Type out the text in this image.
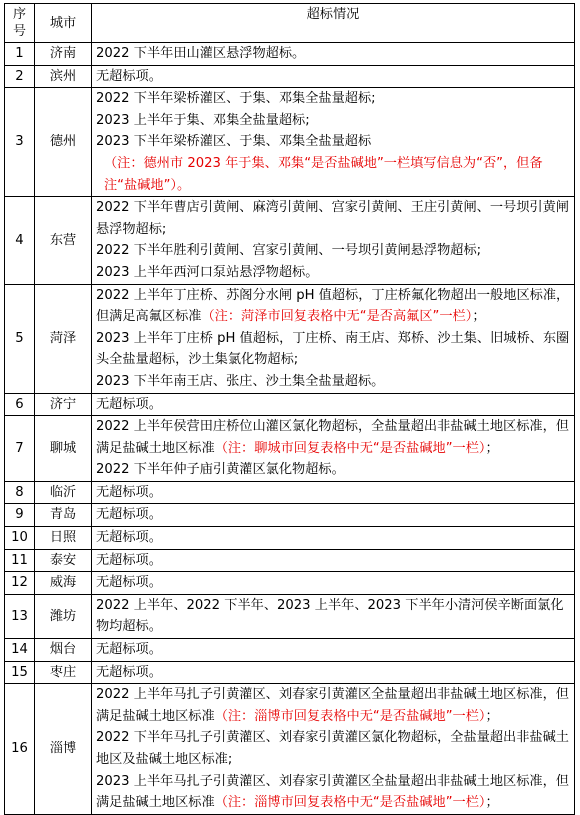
序号	城市	超标情况
1	济南	2022 下半年田山灌区悬浮物超标。

2	滨州	无超标项。

3	德州	2022 下半年梁桥灌区、于集、邓集全盐量超标;
2023 上半年于集、邓集全盐量超标;
2023 下半年梁桥灌区、于集、邓集全盐量超标
（注：德州市 2023 年于集、邓集“是否盐碱地”一栏填写信息为“否”，但备注“盐碱地”）。

4	东营	2022 下半年曹店引黄闸、麻湾引黄闸、宫家引黄闸、王庄引黄闸、一号坝引黄闸悬浮物超标;
2022 下半年胜利引黄闸、宫家引黄闸、一号坝引黄闸悬浮物超标;
2023 上半年西河口泵站悬浮物超标。

5	菏泽	2022 上半年丁庄桥、苏阁分水闸 pH 值超标，丁庄桥氟化物超出一般地区标准，但满足高氟区标准（注：菏泽市回复表格中无“是否高氟区”一栏）；
2023 上半年丁庄桥 pH 值超标，丁庄桥、南王店、郑桥、沙土集、旧城桥、东圈头全盐量超标，沙土集氯化物超标;
2023 下半年南王店、张庄、沙土集全盐量超标。

6	济宁	无超标项。

7	聊城	2022 上半年侯营田庄桥位山灌区氯化物超标，全盐量超出非盐碱土地区标准，但满足盐碱土地区标准（注：聊城市回复表格中无“是否盐碱地”一栏）；
2022 下半年仲子庙引黄灌区氯化物超标。

8	临沂	无超标项。

9	青岛	无超标项。

10	日照	无超标项。

11	泰安	无超标项。

12	威海	无超标项。

13	潍坊	2022 上半年、2022 下半年、2023 上半年、2023 下半年小清河侯辛断面氯化物均超标。

14	烟台	无超标项。

15	枣庄	无超标项。

16	淄博	2022 上半年马扎子引黄灌区、刘春家引黄灌区全盐量超出非盐碱土地区标准，但满足盐碱土地区标准（注：淄博市回复表格中无“是否盐碱地”一栏）；
2022 下半年马扎子引黄灌区、刘春家引黄灌区氯化物超标，全盐量超出非盐碱土地区及盐碱土地区标准;
2023 上半年马扎子引黄灌区、刘春家引黄灌区全盐量超出非盐碱土地区标准，但满足盐碱土地区标准（注：淄博市回复表格中无“是否盐碱地”一栏）；
